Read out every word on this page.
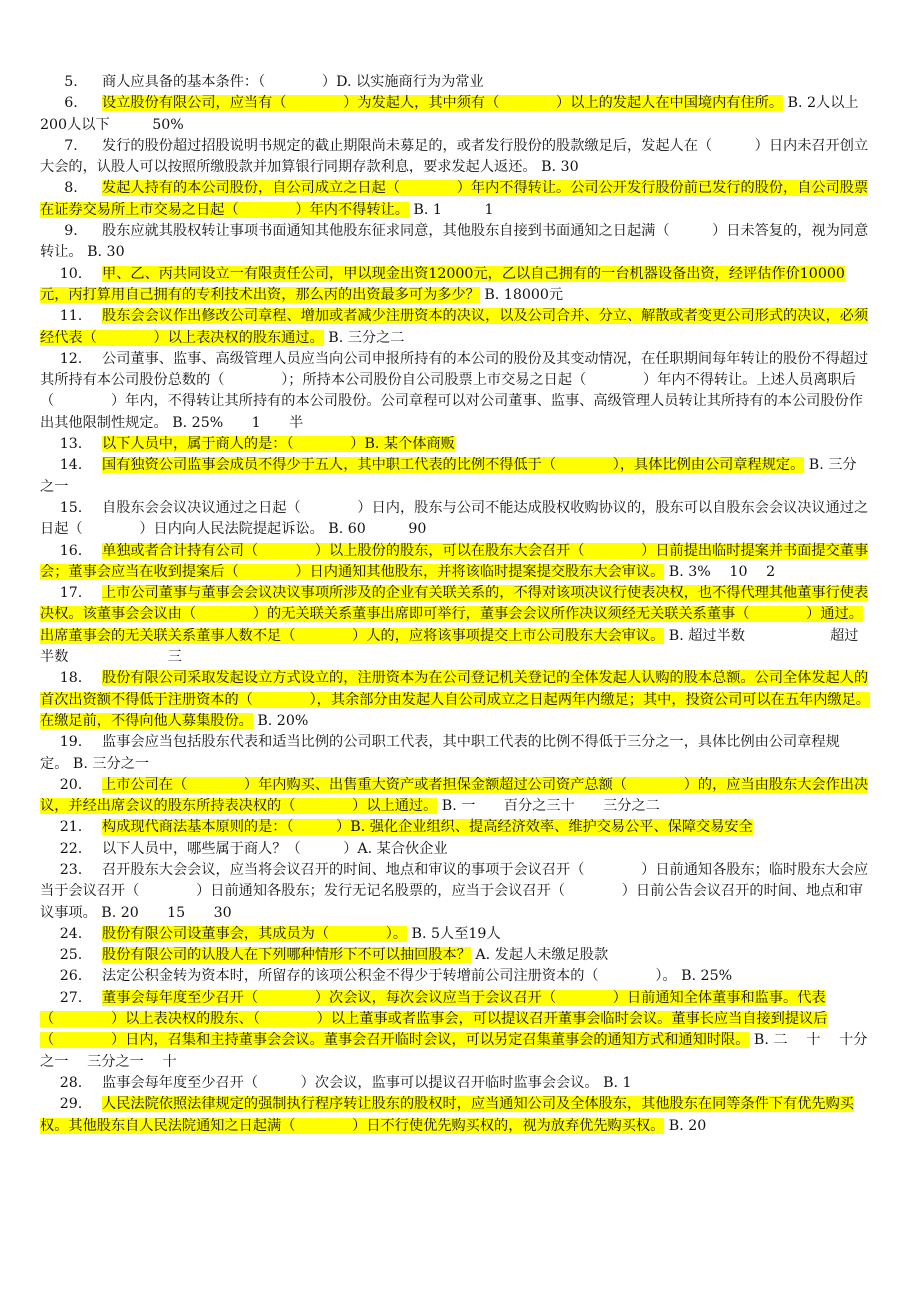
5. 商人应具备的基本条件：（　　　　）D. 以实施商行为为常业

6. 设立股份有限公司，应当有（　　　　）为发起人，其中须有（　　　　）以上的发起人在中国境内有住所。 B. 2人以上200人以下　　　50%

7. 发行的股份超过招股说明书规定的截止期限尚未募足的，或者发行股份的股款缴足后，发起人在（　　　）日内未召开创立大会的，认股人可以按照所缴股款并加算银行同期存款利息，要求发起人返还。 B. 30

8. 发起人持有的本公司股份，自公司成立之日起（　　　　）年内不得转让。公司公开发行股份前已发行的股份，自公司股票在证券交易所上市交易之日起（　　　　）年内不得转让。 B. 1　　　1

9. 股东应就其股权转让事项书面通知其他股东征求同意，其他股东自接到书面通知之日起满（　　　）日未答复的，视为同意转让。 B. 30

10. 甲、乙、丙共同设立一有限责任公司，甲以现金出资12000元，乙以自己拥有的一台机器设备出资，经评估作价10000元，丙打算用自己拥有的专利技术出资，那么丙的出资最多可为多少？ B. 18000元

11. 股东会会议作出修改公司章程、增加或者减少注册资本的决议，以及公司合并、分立、解散或者变更公司形式的决议，必须经代表（　　　　）以上表决权的股东通过。 B. 三分之二

12. 公司董事、监事、高级管理人员应当向公司申报所持有的本公司的股份及其变动情况，在任职期间每年转让的股份不得超过其所持有本公司股份总数的（　　　　）；所持本公司股份自公司股票上市交易之日起（　　　　）年内不得转让。上述人员离职后（　　　　）年内，不得转让其所持有的本公司股份。公司章程可以对公司董事、监事、高级管理人员转让其所持有的本公司股份作出其他限制性规定。 B. 25%　　1　　半

13. 以下人员中，属于商人的是：（　　　　）B. 某个体商贩

14. 国有独资公司监事会成员不得少于五人，其中职工代表的比例不得低于（　　　　），具体比例由公司章程规定。 B. 三分之一

15. 自股东会会议决议通过之日起（　　　　）日内，股东与公司不能达成股权收购协议的，股东可以自股东会会议决议通过之日起（　　　　）日内向人民法院提起诉讼。 B. 60　　　90

16. 单独或者合计持有公司（　　　　）以上股份的股东，可以在股东大会召开（　　　　）日前提出临时提案并书面提交董事会；董事会应当在收到提案后（　　　　）日内通知其他股东，并将该临时提案提交股东大会审议。 B. 3%　 10　 2

17. 上市公司董事与董事会会议决议事项所涉及的企业有关联关系的，不得对该项决议行使表决权，也不得代理其他董事行使表决权。该董事会会议由（　　　　）的无关联关系董事出席即可举行，董事会会议所作决议须经无关联关系董事（　　　　）通过。出席董事会的无关联关系董事人数不足（　　　　）人的，应将该事项提交上市公司股东大会审议。 B. 超过半数　　　　　　超过半数　　　　　　　三

18. 股份有限公司采取发起设立方式设立的，注册资本为在公司登记机关登记的全体发起人认购的股本总额。公司全体发起人的首次出资额不得低于注册资本的（　　　　），其余部分由发起人自公司成立之日起两年内缴足；其中，投资公司可以在五年内缴足。在缴足前，不得向他人募集股份。 B. 20%

19. 监事会应当包括股东代表和适当比例的公司职工代表，其中职工代表的比例不得低于三分之一，具体比例由公司章程规定。 B. 三分之一

20. 上市公司在（　　　　）年内购买、出售重大资产或者担保金额超过公司资产总额（　　　　）的，应当由股东大会作出决议，并经出席会议的股东所持表决权的（　　　　）以上通过。 B. 一　　百分之三十　　三分之二

21. 构成现代商法基本原则的是：（　　　）B. 强化企业组织、提高经济效率、维护交易公平、保障交易安全

22. 以下人员中，哪些属于商人？（　　　）A. 某合伙企业

23. 召开股东大会会议，应当将会议召开的时间、地点和审议的事项于会议召开（　　　　）日前通知各股东；临时股东大会应当于会议召开（　　　　）日前通知各股东；发行无记名股票的，应当于会议召开（　　　　）日前公告会议召开的时间、地点和审议事项。 B. 20　　15　　30

24. 股份有限公司设董事会，其成员为（　　　　）。 B. 5人至19人

25. 股份有限公司的认股人在下列哪种情形下不可以抽回股本？ A. 发起人未缴足股款

26. 法定公积金转为资本时，所留存的该项公积金不得少于转增前公司注册资本的（　　　　）。 B. 25%

27. 董事会每年度至少召开（　　　　）次会议，每次会议应当于会议召开（　　　　）日前通知全体董事和监事。代表（　　　　）以上表决权的股东、（　　　　）以上董事或者监事会，可以提议召开董事会临时会议。董事长应当自接到提议后（　　　　）日内，召集和主持董事会会议。董事会召开临时会议，可以另定召集董事会的通知方式和通知时限。 B. 二　 十　 十分之一　 三分之一　 十

28. 监事会每年度至少召开（　　　）次会议，监事可以提议召开临时监事会会议。 B. 1

29. 人民法院依照法律规定的强制执行程序转让股东的股权时，应当通知公司及全体股东，其他股东在同等条件下有优先购买权。其他股东自人民法院通知之日起满（　　　　）日不行使优先购买权的，视为放弃优先购买权。 B. 20
